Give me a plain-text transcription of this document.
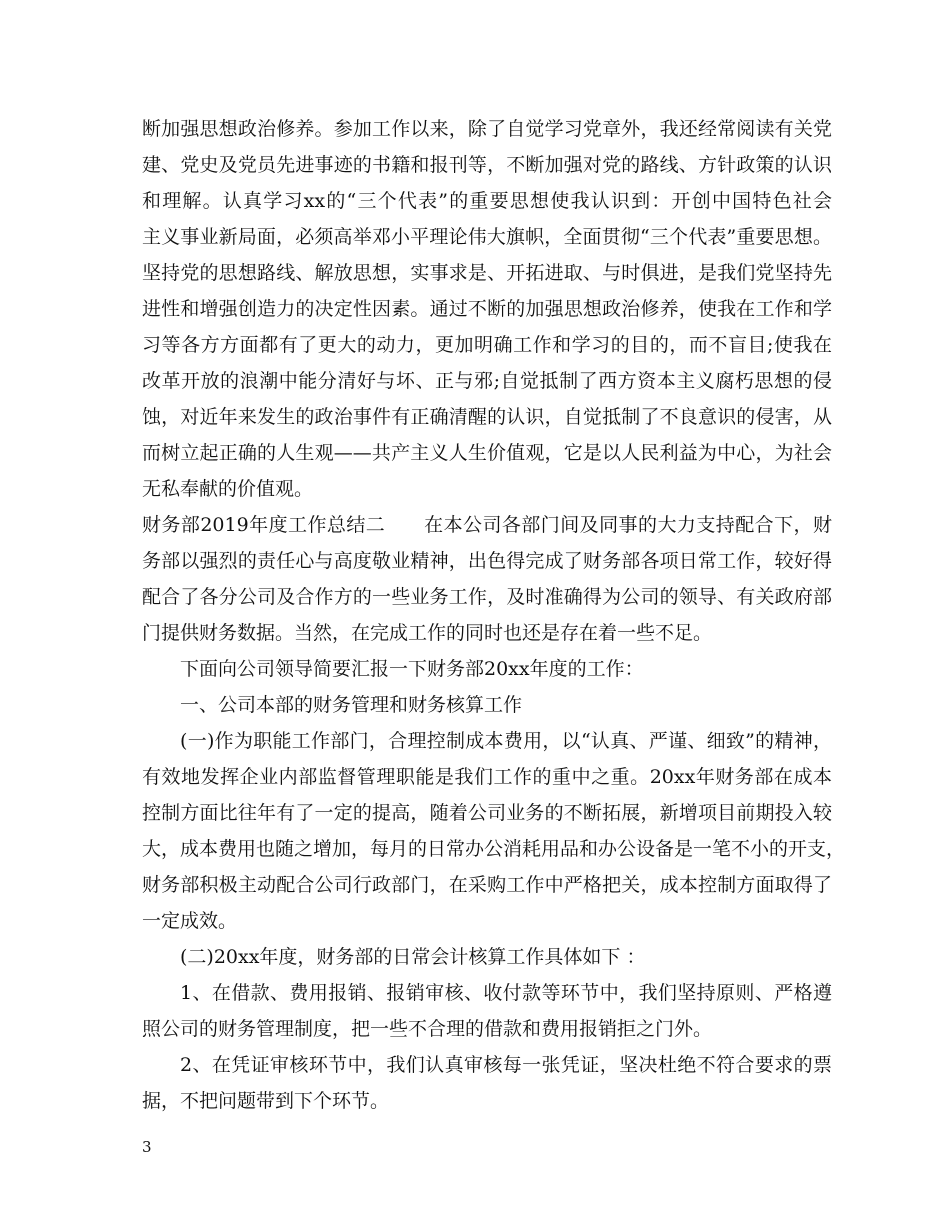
断加强思想政治修养。参加工作以来，除了自觉学习党章外，我还经常阅读有关党
建、党史及党员先进事迹的书籍和报刊等，不断加强对党的路线、方针政策的认识
和理解。认真学习xx的“三个代表”的重要思想使我认识到：开创中国特色社会
主义事业新局面，必须高举邓小平理论伟大旗帜，全面贯彻“三个代表”重要思想。
坚持党的思想路线、解放思想，实事求是、开拓进取、与时俱进，是我们党坚持先
进性和增强创造力的决定性因素。通过不断的加强思想政治修养，使我在工作和学
习等各方方面都有了更大的动力，更加明确工作和学习的目的，而不盲目;使我在
改革开放的浪潮中能分清好与坏、正与邪;自觉抵制了西方资本主义腐朽思想的侵
蚀，对近年来发生的政治事件有正确清醒的认识，自觉抵制了不良意识的侵害，从
而树立起正确的人生观——共产主义人生价值观，它是以人民利益为中心，为社会
无私奉献的价值观。
财务部2019年度工作总结二　　在本公司各部门间及同事的大力支持配合下，财
务部以强烈的责任心与高度敬业精神，出色得完成了财务部各项日常工作，较好得
配合了各分公司及合作方的一些业务工作，及时准确得为公司的领导、有关政府部
门提供财务数据。当然，在完成工作的同时也还是存在着一些不足。
下面向公司领导简要汇报一下财务部20xx年度的工作：
一、公司本部的财务管理和财务核算工作
(一)作为职能工作部门，合理控制成本费用，以“认真、严谨、细致”的精神，
有效地发挥企业内部监督管理职能是我们工作的重中之重。20xx年财务部在成本
控制方面比往年有了一定的提高，随着公司业务的不断拓展，新增项目前期投入较
大，成本费用也随之增加，每月的日常办公消耗用品和办公设备是一笔不小的开支，
财务部积极主动配合公司行政部门，在采购工作中严格把关，成本控制方面取得了
一定成效。
(二)20xx年度，财务部的日常会计核算工作具体如下 ：
1、在借款、费用报销、报销审核、收付款等环节中，我们坚持原则、严格遵
照公司的财务管理制度，把一些不合理的借款和费用报销拒之门外。
2、在凭证审核环节中，我们认真审核每一张凭证，坚决杜绝不符合要求的票
据，不把问题带到下个环节。
3
